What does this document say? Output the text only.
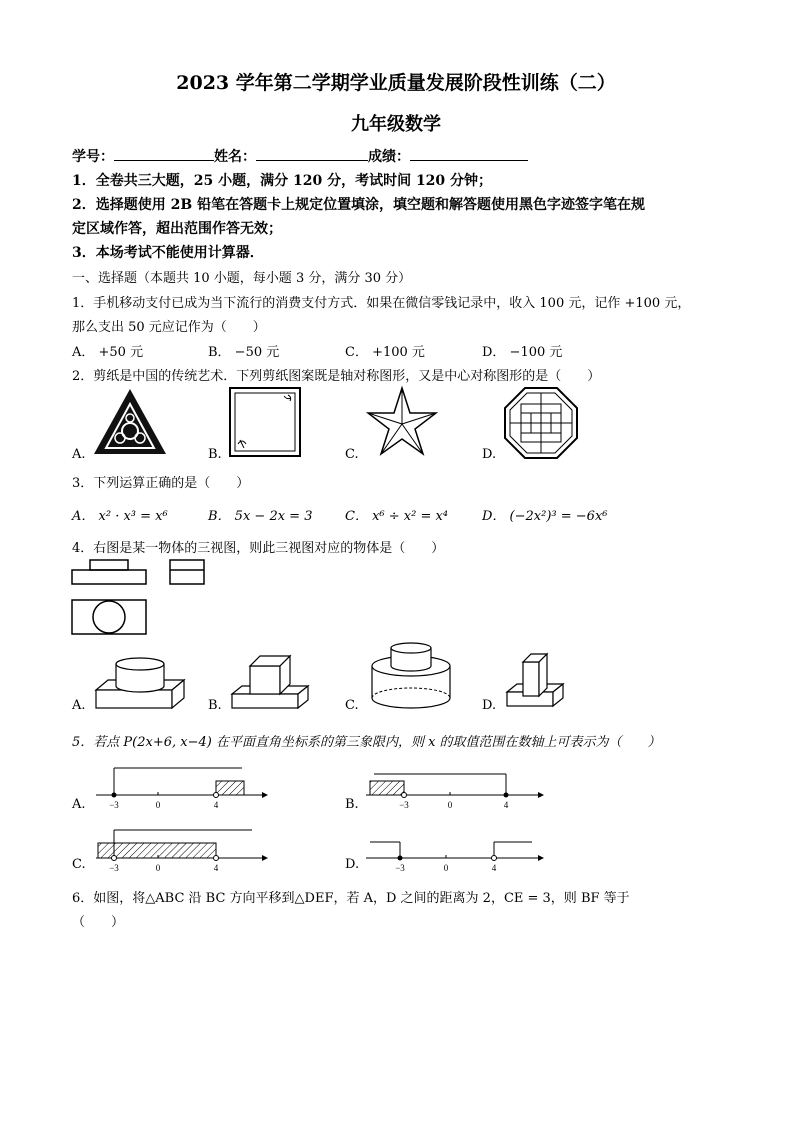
2023 学年第二学期学业质量发展阶段性训练（二）
九年级数学
学号：	姓名：	成绩：
1．全卷共三大题，25 小题，满分 120 分，考试时间 120 分钟；
2．选择题使用 2B 铅笔在答题卡上规定位置填涂，填空题和解答题使用黑色字迹签字笔在规
定区域作答，超出范围作答无效；
3．本场考试不能使用计算器．
一、选择题（本题共 10 小题，每小题 3 分，满分 30 分）
1．手机移动支付已成为当下流行的消费支付方式．如果在微信零钱记录中，收入 100 元，记作 +100 元，
那么支出 50 元应记作为（　　）
A． +50 元	B． −50 元	C． +100 元	D． −100 元
2．剪纸是中国的传统艺术．下列剪纸图案既是轴对称图形，又是中心对称图形的是（　　）
A.	B.	C.	D.
3．下列运算正确的是（　　）
A． x² · x³ = x⁶	B． 5x − 2x = 3	C． x⁶ ÷ x² = x⁴	D． (−2x²)³ = −6x⁶
4．右图是某一物体的三视图，则此三视图对应的物体是（　　）
A.	B.	C.	D.
5．若点 P(2x+6, x−4) 在平面直角坐标系的第三象限内，则 x 的取值范围在数轴上可表示为（　　）
A.	−3	0	4	B.	−3	0	4
C.	−3	0	4	D.	−3	0	4
6．如图，将△ABC 沿 BC 方向平移到△DEF，若 A，D 之间的距离为 2，CE = 3，则 BF 等于
（　　）
